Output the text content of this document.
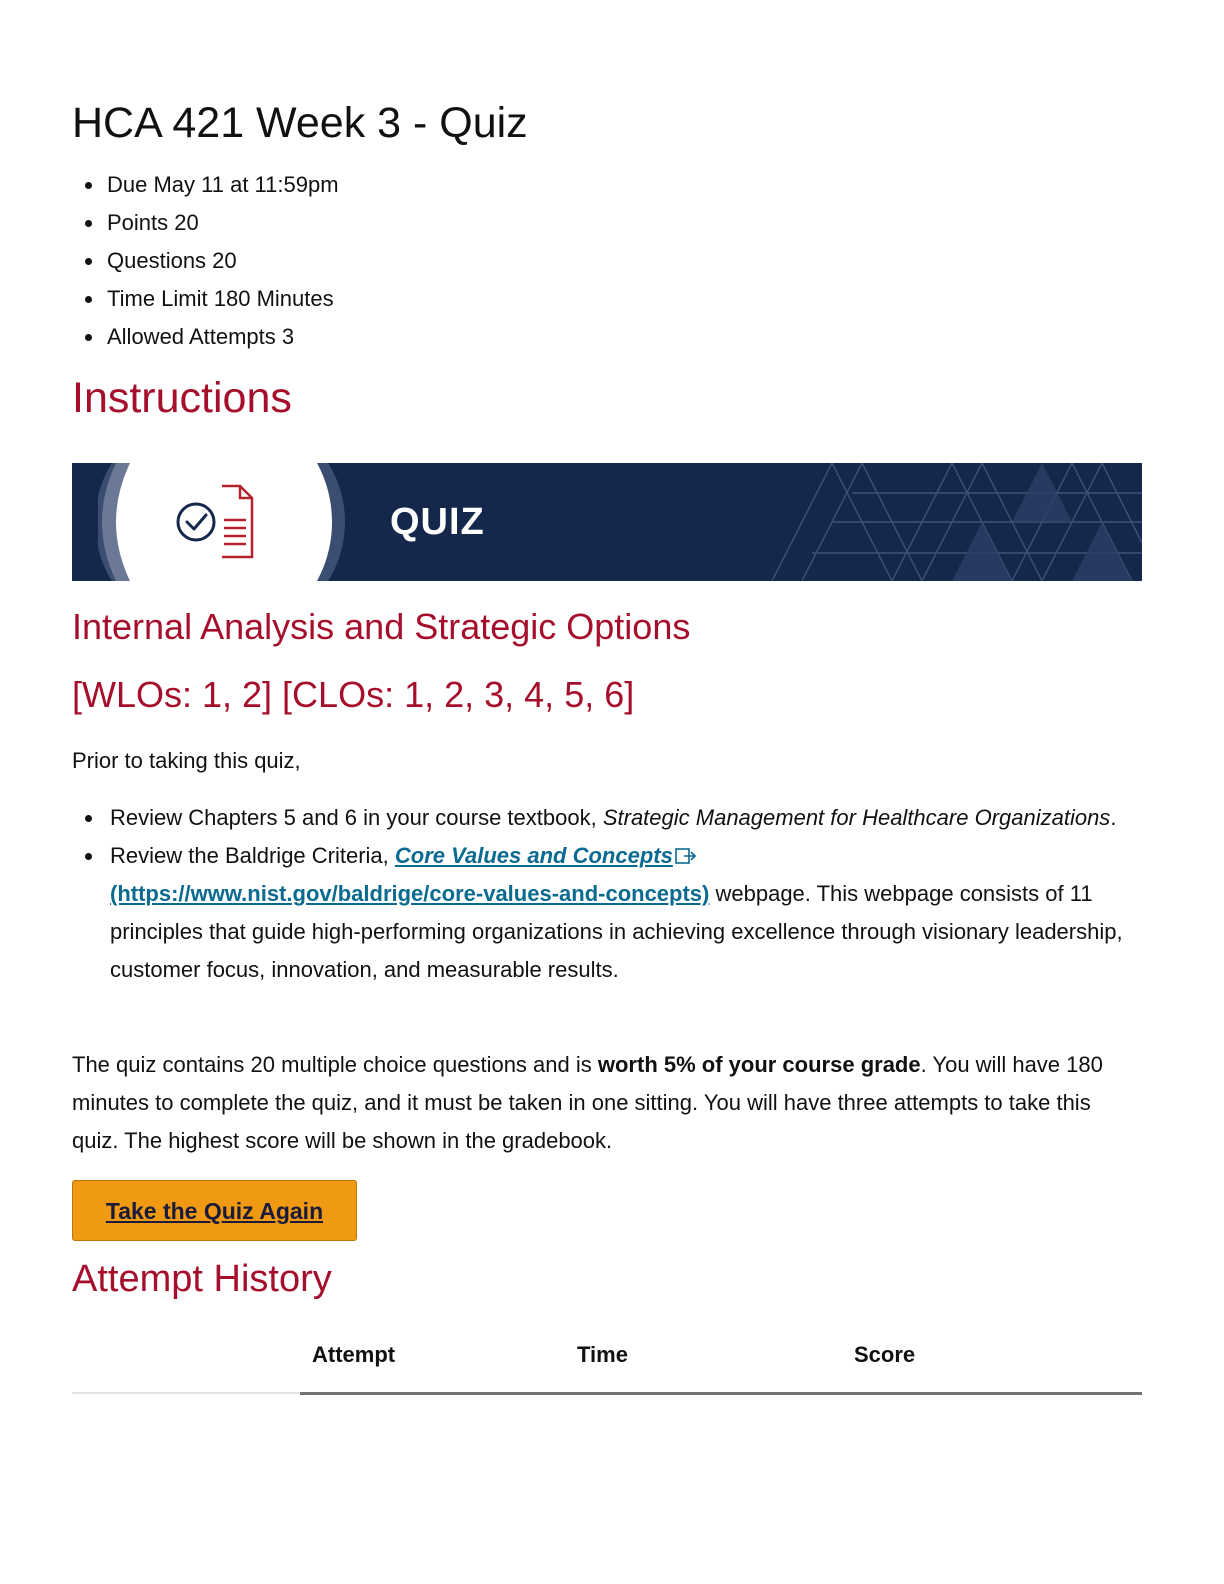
HCA 421 Week 3 - Quiz
Due May 11 at 11:59pm
Points 20
Questions 20
Time Limit 180 Minutes
Allowed Attempts 3
Instructions
QUIZ
Internal Analysis and Strategic Options
[WLOs: 1, 2] [CLOs: 1, 2, 3, 4, 5, 6]

Prior to taking this quiz,

Review Chapters 5 and 6 in your course textbook, Strategic Management for Healthcare Organizations.
Review the Baldrige Criteria, Core Values and Concepts
(https://www.nist.gov/baldrige/core-values-and-concepts) webpage. This webpage consists of 11 principles that guide high-performing organizations in achieving excellence through visionary leadership, customer focus, innovation, and measurable results.

The quiz contains 20 multiple choice questions and is worth 5% of your course grade. You will have 180 minutes to complete the quiz, and it must be taken in one sitting. You will have three attempts to take this quiz. The highest score will be shown in the gradebook.

Take the Quiz Again
Attempt History
Attempt	Time	Score
